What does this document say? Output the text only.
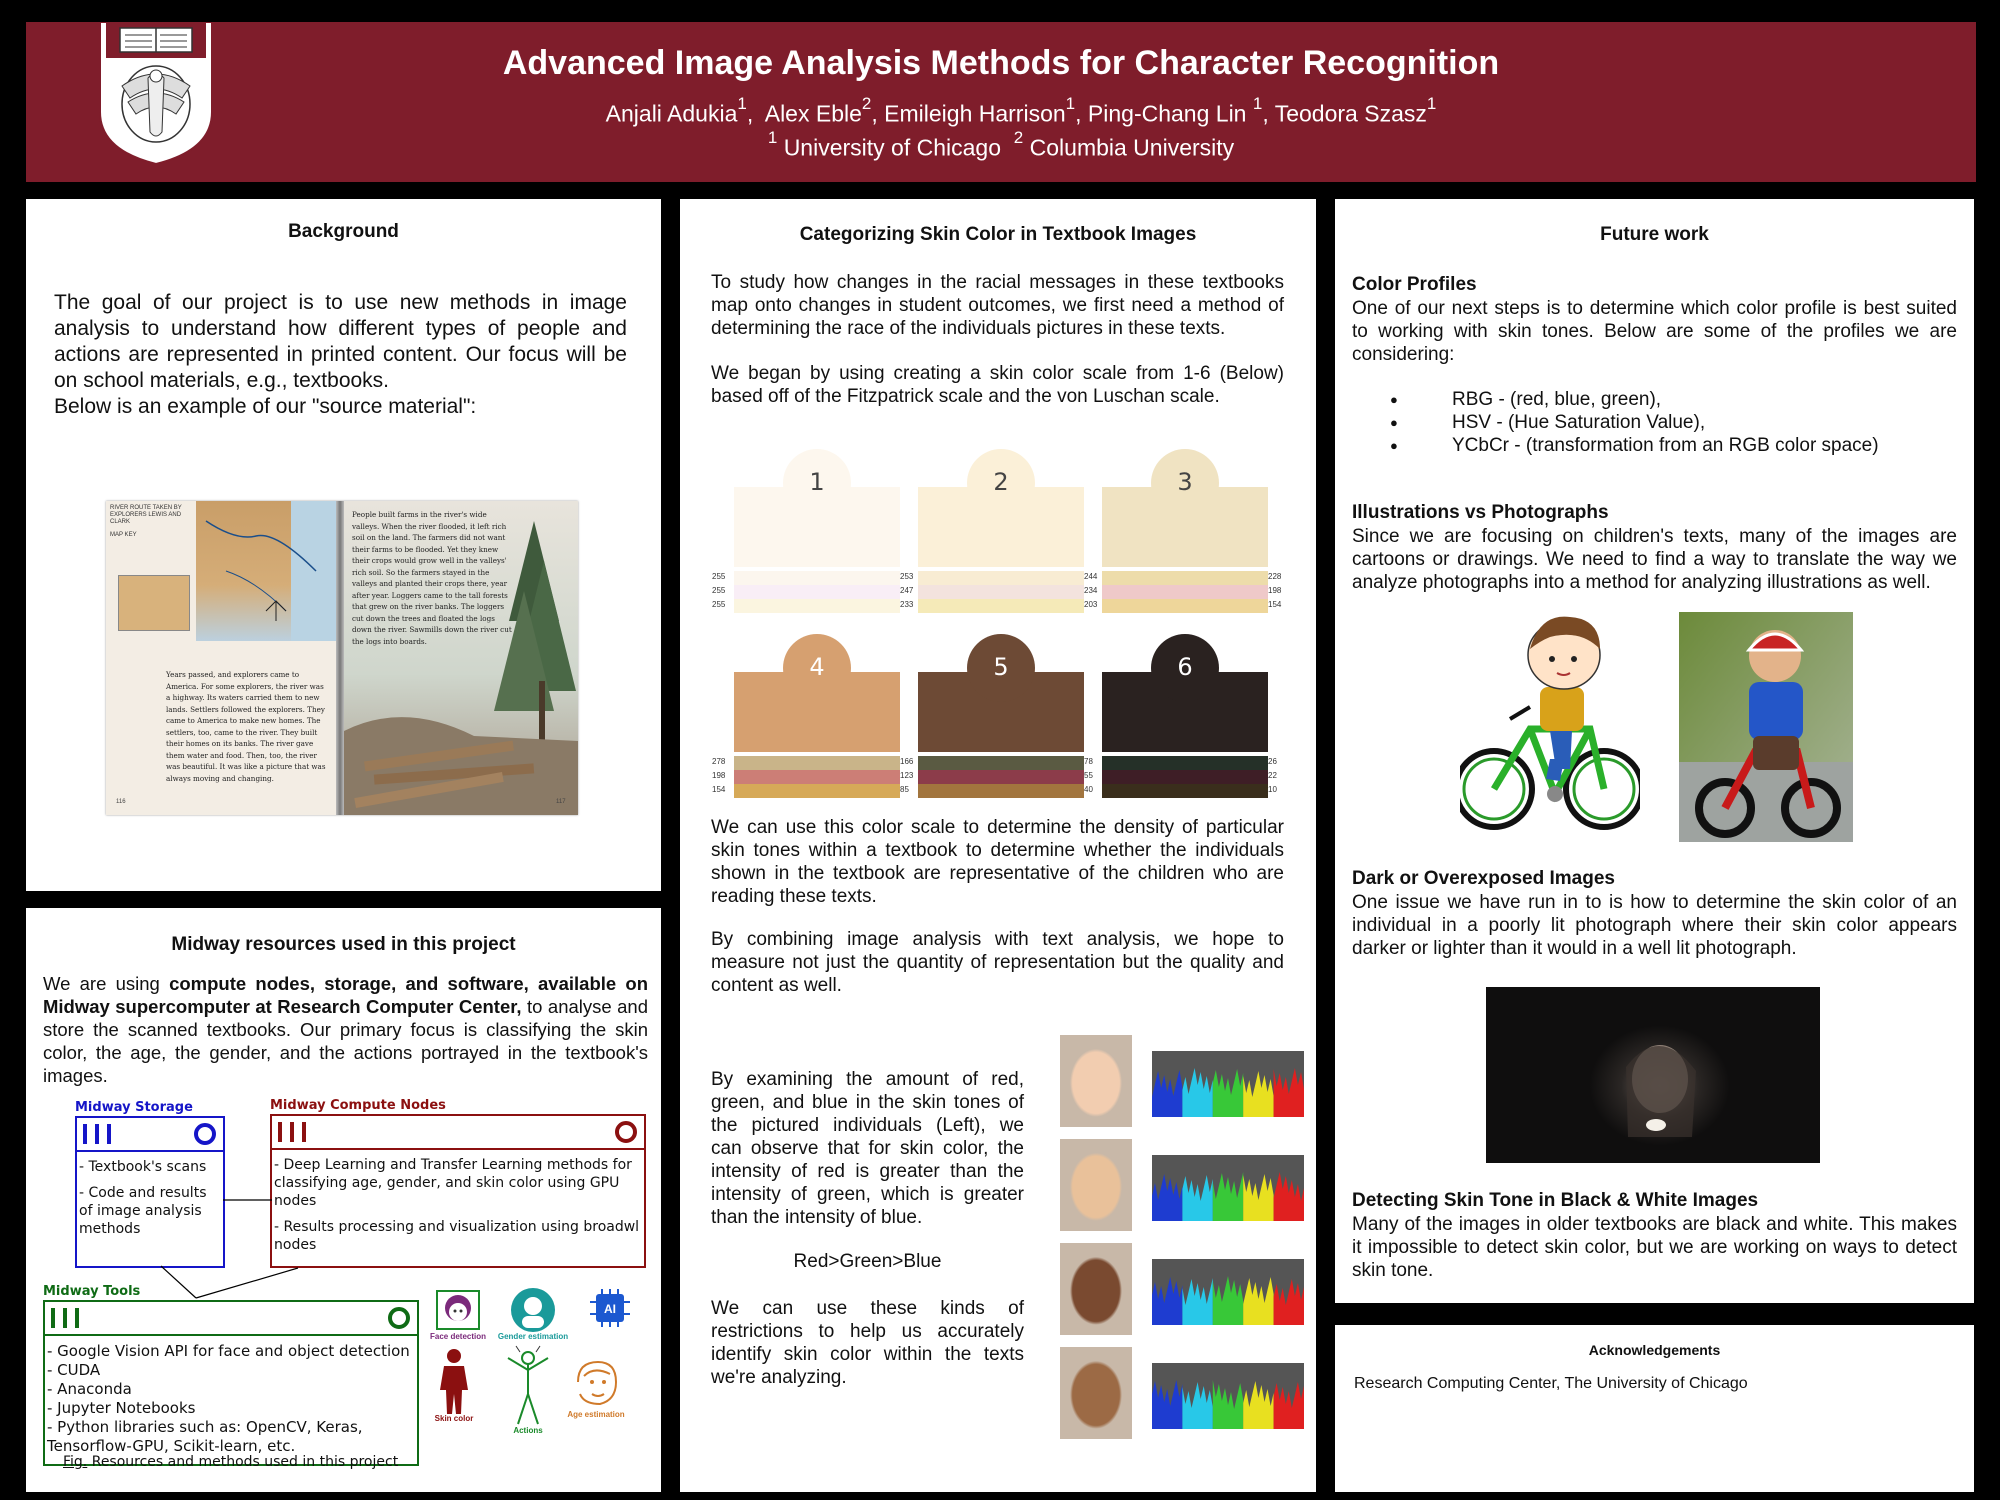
Advanced Image Analysis Methods for Character Recognition
Anjali Adukia$^1$,  Alex Eble$^2$, Emileigh Harrison$^1$, Ping-Chang Lin $^1$, Teodora Szasz$^1$
$^1$ University of Chicago $^2$ Columbia University
Background
The goal of our project is to use new methods in image analysis to understand how different types of people and actions are represented in printed content. Our focus will be on school materials, e.g., textbooks.
Below is an example of our "source material":
RIVER ROUTE TAKEN BY EXPLORERS LEWIS AND CLARK
MAP KEY
Years passed, and explorers came to America. For some explorers, the river was a highway. Its waters carried them to new lands. Settlers followed the explorers. They came to America to make new homes. The settlers, too, came to the river. They built their homes on its banks. The river gave them water and food. Then, too, the river was beautiful. It was like a picture that was always moving and changing.
116
People built farms in the river's wide valleys. When the river flooded, it left rich soil on the land. The farmers did not want their farms to be flooded. Yet they knew their crops would grow well in the valleys' rich soil. So the farmers stayed in the valleys and planted their crops there, year after year. Loggers came to the tall forests that grew on the river banks. The loggers cut down the trees and floated the logs down the river. Sawmills down the river cut the logs into boards.
117
Midway resources used in this project
We are using compute nodes, storage, and software, available on Midway supercomputer at Research Computer Center, to analyse and store the scanned textbooks. Our primary focus is classifying the skin color, the age, the gender, and the actions portrayed in the textbook's images.
Midway Storage
- Textbook's scans
- Code and results of image analysis methods
Midway Compute Nodes
- Deep Learning and Transfer Learning methods for classifying age, gender, and skin color using GPU nodes
- Results processing and visualization using broadwl nodes
Midway Tools
- Google Vision API for face and object detection
- CUDA
- Anaconda
- Jupyter Notebooks
- Python libraries such as: OpenCV, Keras, Tensorflow-GPU, Scikit-learn, etc.
Face detection	Gender estimation
AI
Skin color
Actions
Age estimation
Fig. Resources and methods used in this project
Categorizing Skin Color in Textbook Images
To study how changes in the racial messages in these textbooks map onto changes in student outcomes, we first need a method of determining the race of the individuals pictures in these texts.
We began by using creating a skin color scale from 1-6 (Below) based off of the Fitzpatrick scale and the von Luschan scale.
1
255
255
255
253
247
233
2
244
234
203
3
228
198
154
4
278
198
154
166
123
85
5
78
55
40
6
26
22
10
We can use this color scale to determine the density of particular skin tones within a textbook to determine whether the individuals shown in the textbook are representative of the children who are reading these texts.
By combining image analysis with text analysis, we hope to measure not just the quantity of representation but the quality and content as well.
By examining the amount of red, green, and blue in the skin tones of the pictured individuals (Left), we can observe that for skin color, the intensity of red is greater than the intensity of green, which is greater than the intensity of blue.
Red>Green>Blue
We can use these kinds of restrictions to help us accurately identify skin color within the texts we're analyzing.
Future work
Color Profiles
One of our next steps is to determine which color profile is best suited to working with skin tones. Below are some of the profiles we are considering:
● RBG - (red, blue, green),
● HSV - (Hue Saturation Value),
● YCbCr - (transformation from an RGB color space)
Illustrations vs Photographs
Since we are focusing on children's texts, many of the images are cartoons or drawings. We need to find a way to translate the way we analyze photographs into a method for analyzing illustrations as well.
Dark or Overexposed Images
One issue we have run in to is how to determine the skin color of an individual in a poorly lit photograph where their skin color appears darker or lighter than it would in a well lit photograph.
Detecting Skin Tone in Black & White Images
Many of the images in older textbooks are black and white. This makes it impossible to detect skin color, but we are working on ways to detect skin tone.
Acknowledgements
Research Computing Center, The University of Chicago
